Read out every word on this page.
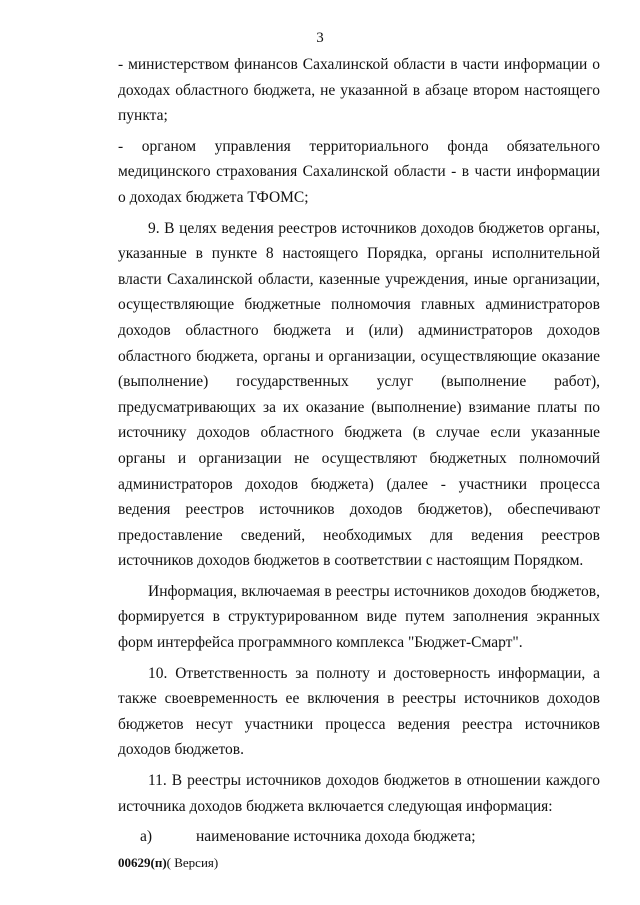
3

- министерством финансов Сахалинской области в части информации о доходах областного бюджета, не указанной в абзаце втором настоящего пункта;

- органом управления территориального фонда обязательного медицинского страхования Сахалинской области - в части информации о доходах бюджета ТФОМС;

9. В целях ведения реестров источников доходов бюджетов органы, указанные в пункте 8 настоящего Порядка, органы исполнительной власти Сахалинской области, казенные учреждения, иные организации, осуществляющие бюджетные полномочия главных администраторов доходов областного бюджета и (или) администраторов доходов областного бюджета, органы и организации, осуществляющие оказание (выполнение) государственных услуг (выполнение работ), предусматривающих за их оказание (выполнение) взимание платы по источнику доходов областного бюджета (в случае если указанные органы и организации не осуществляют бюджетных полномочий администраторов доходов бюджета) (далее - участники процесса ведения реестров источников доходов бюджетов), обеспечивают предоставление сведений, необходимых для ведения реестров источников доходов бюджетов в соответствии с настоящим Порядком.

Информация, включаемая в реестры источников доходов бюджетов, формируется в структурированном виде путем заполнения экранных форм интерфейса программного комплекса "Бюджет-Смарт".

10. Ответственность за полноту и достоверность информации, а также своевременность ее включения в реестры источников доходов бюджетов несут участники процесса ведения реестра источников доходов бюджетов.

11. В реестры источников доходов бюджетов в отношении каждого источника доходов бюджета включается следующая информация:

а)	наименование источника дохода бюджета;

00629(п)( Версия)
